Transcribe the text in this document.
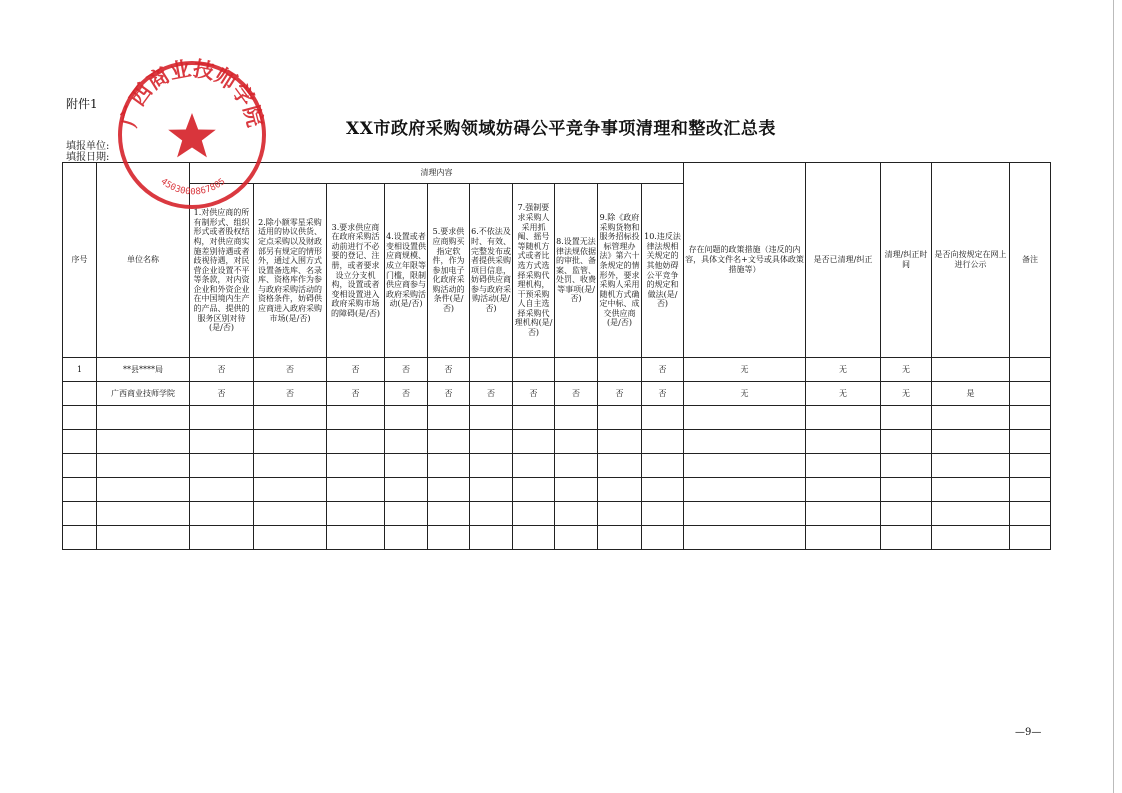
附件1
XX市政府采购领域妨碍公平竞争事项清理和整改汇总表
填报单位:
填报日期:
序号	单位名称	清理内容										存在问题的政策措施（违反的内容，具体文件名+文号或具体政策措施等）	是否已清理/纠正	清理/纠正时间	是否向按规定在网上进行公示	备注
		1.对供应商的所有制形式、组织形式或者股权结构，对供应商实施差别待遇或者歧视待遇，对民营企业设置不平等条款，对内资企业和外资企业在中国境内生产的产品、提供的服务区别对待(是/否)	2.除小额零星采购适用的协议供货、定点采购以及财政部另有规定的情形外，通过入围方式设置备选库、名录库、资格库作为参与政府采购活动的资格条件，妨碍供应商进入政府采购市场(是/否)	3.要求供应商在政府采购活动前进行不必要的登记、注册，或者要求设立分支机构，设置或者变相设置进入政府采购市场的障碍(是/否)	4.设置或者变相设置供应商规模、成立年限等门槛，限制供应商参与政府采购活动(是/否)	5.要求供应商购买指定软件，作为参加电子化政府采购活动的条件(是/否)	6.不依法及时、有效、完整发布或者提供采购项目信息，妨碍供应商参与政府采购活动(是/否)	7.强制要求采购人采用抓阄、摇号等随机方式或者比选方式选择采购代理机构，干预采购人自主选择采购代理机构(是/否)	8.设置无法律法规依据的审批、备案、监管、处罚、收费等事项(是/否)	9.除《政府采购货物和服务招标投标管理办法》第六十条规定的情形外，要求采购人采用随机方式确定中标、成交供应商(是/否)	10.违反法律法规相关规定的其他妨碍公平竞争的规定和做法(是/否)					
1	**县****局	否	否	否	否	否					否	无	无	无		
	广西商业技师学院	否	否	否	否	否	否	否	否	否	否	无	无	无	是	

广西商业技师学院
4503000867805
—9—
